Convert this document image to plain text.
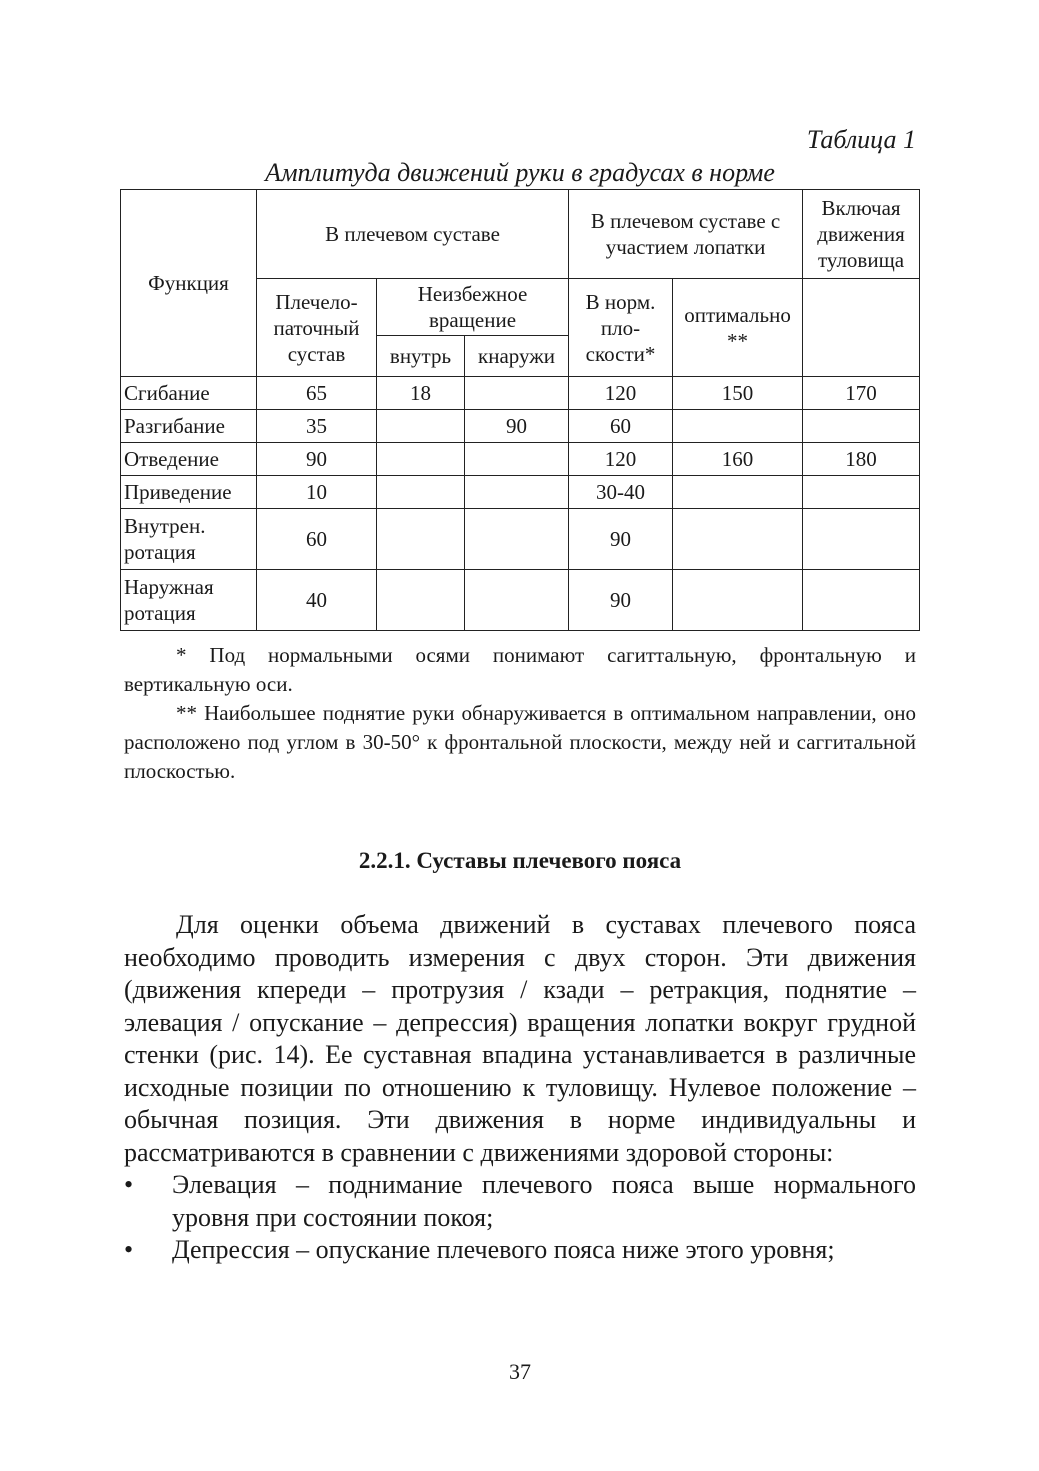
Таблица 1
Амплитуда движений руки в градусах в норме
Функция	В плечевом суставе			В плечевом суставе с участием лопатки		Включая движения туловища
	Плечело-паточный сустав	Неизбежное вращение		В норм. пло-скости*	оптимально **	
		внутрь	кнаружи			
Сгибание	65	18		120	150	170
Разгибание	35		90	60		
Отведение	90			120	160	180
Приведение	10			30-40		
Внутрен. ротация	60			90		
Наружная ротация	40			90		

* Под нормальными осями понимают сагиттальную, фронтальную и вертикальную оси.

** Наибольшее поднятие руки обнаруживается в оптимальном направлении, оно расположено под углом в 30-50° к фронтальной плоскости, между ней и саггитальной плоскостью.

2.2.1. Суставы плечевого пояса

Для оценки объема движений в суставах плечевого пояса необходимо проводить измерения с двух сторон. Эти движения (движения кпереди – протрузия / кзади – ретракция, поднятие – элевация / опускание – депрессия) вращения лопатки вокруг грудной стенки (рис. 14). Ее суставная впадина устанавливается в различные исходные позиции по отношению к туловищу. Нулевое положение – обычная позиция. Эти движения в норме индивидуальны и рассматриваются в сравнении с движениями здоровой стороны:

• Элевация – поднимание плечевого пояса выше нормального уровня при состоянии покоя;
• Депрессия – опускание плечевого пояса ниже этого уровня;
37
